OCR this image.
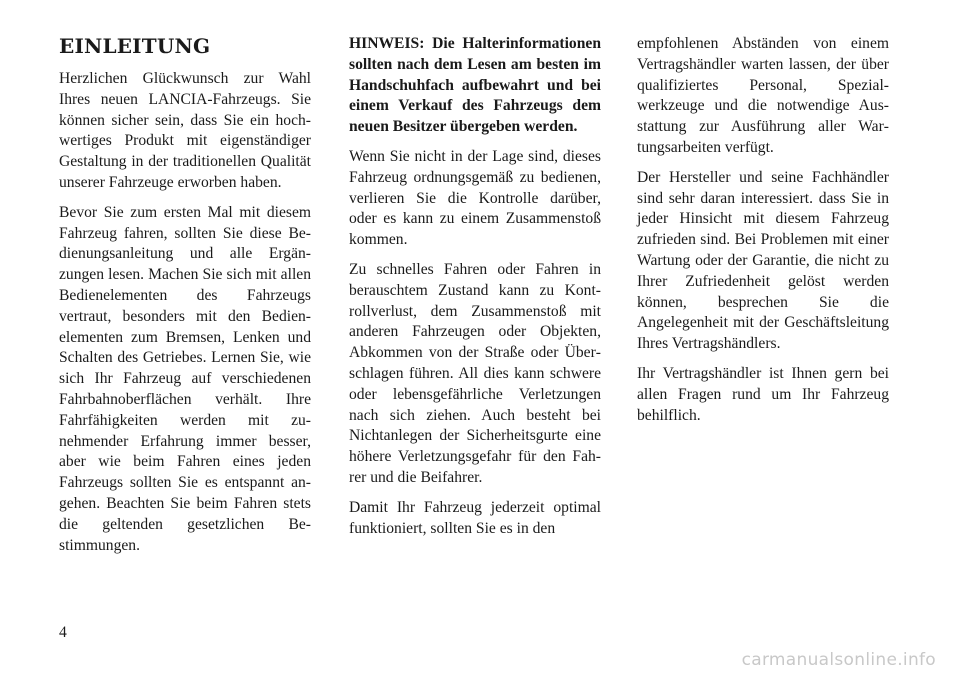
EINLEITUNG

Herzlichen Glückwunsch zur Wahl Ihres neuen LANCIA-Fahrzeugs. Sie können sicher sein, dass Sie ein hochwertiges Produkt mit eigenständiger Gestaltung in der traditionellen Qualität unserer Fahrzeuge erworben haben.

Bevor Sie zum ersten Mal mit diesem Fahrzeug fahren, sollten Sie diese Bedienungsanleitung und alle Ergänzungen lesen. Machen Sie sich mit allen Bedienelementen des Fahrzeugs vertraut, besonders mit den Bedienelementen zum Bremsen, Lenken und Schalten des Getriebes. Lernen Sie, wie sich Ihr Fahrzeug auf verschiedenen Fahrbahnoberflächen verhält. Ihre Fahrfähigkeiten werden mit zunehmender Erfahrung immer besser, aber wie beim Fahren eines jeden Fahrzeugs sollten Sie es entspannt angehen. Beachten Sie beim Fahren stets die geltenden gesetzlichen Bestimmungen.

HINWEIS: Die Halterinformationen sollten nach dem Lesen am besten im Handschuhfach aufbewahrt und bei einem Verkauf des Fahrzeugs dem neuen Besitzer übergeben werden.

Wenn Sie nicht in der Lage sind, dieses Fahrzeug ordnungsgemäß zu bedienen, verlieren Sie die Kontrolle darüber, oder es kann zu einem Zusammenstoß kommen.

Zu schnelles Fahren oder Fahren in berauschtem Zustand kann zu Kontrollverlust, dem Zusammenstoß mit anderen Fahrzeugen oder Objekten, Abkommen von der Straße oder Überschlagen führen. All dies kann schwere oder lebensgefährliche Verletzungen nach sich ziehen. Auch besteht bei Nichtanlegen der Sicherheitsgurte eine höhere Verletzungsgefahr für den Fahrer und die Beifahrer.

Damit Ihr Fahrzeug jederzeit optimal funktioniert, sollten Sie es in den

empfohlenen Abständen von einem Vertragshändler warten lassen, der über qualifiziertes Personal, Spezialwerkzeuge und die notwendige Ausstattung zur Ausführung aller Wartungsarbeiten verfügt.

Der Hersteller und seine Fachhändler sind sehr daran interessiert. dass Sie in jeder Hinsicht mit diesem Fahrzeug zufrieden sind. Bei Problemen mit einer Wartung oder der Garantie, die nicht zu Ihrer Zufriedenheit gelöst werden können, besprechen Sie die Angelegenheit mit der Geschäftsleitung Ihres Vertragshändlers.

Ihr Vertragshändler ist Ihnen gern bei allen Fragen rund um Ihr Fahrzeug behilflich.

4
carmanualsonline.info
